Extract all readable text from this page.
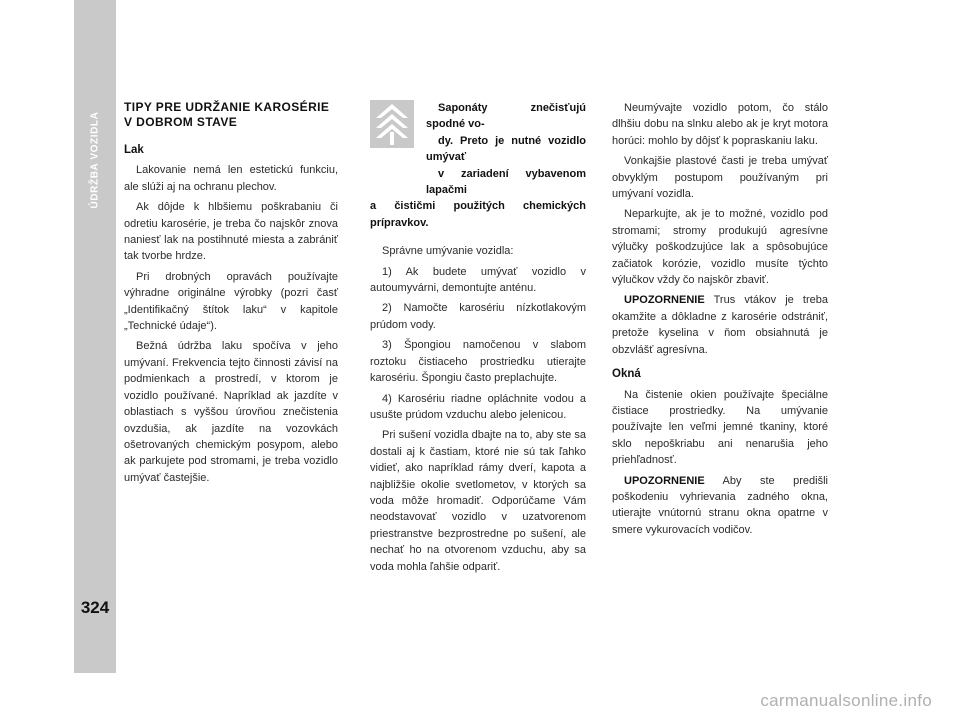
ÚDRŽBA VOZIDLA
324
TIPY PRE UDRŽANIE KAROSÉRIE
V DOBROM STAVE
Lak

Lakovanie nemá len estetickú funkciu, ale slúži aj na ochranu plechov.

Ak dôjde k hlbšiemu poškrabaniu či odretiu karosérie, je treba čo najskôr znova naniesť lak na postihnuté miesta a zabrániť tak tvorbe hrdze.

Pri drobných opravách používajte výhradne originálne výrobky (pozri časť „Identifikačný štítok laku“ v kapitole „Technické údaje“).

Bežná údržba laku spočíva v jeho umývaní. Frekvencia tejto činnosti závisí na podmienkach a prostredí, v ktorom je vozidlo používané. Napríklad ak jazdíte v oblastiach s vyššou úrovňou znečistenia ovzdušia, ak jazdíte na vozovkách ošetrovaných chemickým posypom, alebo ak parkujete pod stromami, je treba vozidlo umývať častejšie.

Saponáty znečisťujú spodné vo-
dy. Preto je nutné vozidlo umývať
v zariadení vybavenom lapačmi
a čističmi použitých chemických prípravkov.

Správne umývanie vozidla:

1) Ak budete umývať vozidlo v autoumyvárni, demontujte anténu.

2) Namočte karosériu nízkotlakovým prúdom vody.

3) Špongiou namočenou v slabom roztoku čistiaceho prostriedku utierajte karosériu. Špongiu často preplachujte.

4) Karosériu riadne opláchnite vodou a usušte prúdom vzduchu alebo jelenicou.

Pri sušení vozidla dbajte na to, aby ste sa dostali aj k častiam, ktoré nie sú tak ľahko vidieť, ako napríklad rámy dverí, kapota a najbližšie okolie svetlometov, v ktorých sa voda môže hromadiť. Odporúčame Vám neodstavovať vozidlo v uzatvorenom priestranstve bezprostredne po sušení, ale nechať ho na otvorenom vzduchu, aby sa voda mohla ľahšie odpariť.

Neumývajte vozidlo potom, čo stálo dlhšiu dobu na slnku alebo ak je kryt motora horúci: mohlo by dôjsť k popraskaniu laku.

Vonkajšie plastové časti je treba umývať obvyklým postupom používaným pri umývaní vozidla.

Neparkujte, ak je to možné, vozidlo pod stromami; stromy produkujú agresívne výlučky poškodzujúce lak a spôsobujúce začiatok korózie, vozidlo musíte týchto výlučkov vždy čo najskôr zbaviť.

UPOZORNENIE Trus vtákov je treba okamžite a dôkladne z karosérie odstrániť, pretože kyselina v ňom obsiahnutá je obzvlášť agresívna.

Okná

Na čistenie okien používajte špeciálne čistiace prostriedky. Na umývanie používajte len veľmi jemné tkaniny, ktoré sklo nepoškriabu ani nenarušia jeho priehľadnosť.

UPOZORNENIE Aby ste predišli poškodeniu vyhrievania zadného okna, utierajte vnútornú stranu okna opatrne v smere vykurovacích vodičov.

carmanualsonline.info
